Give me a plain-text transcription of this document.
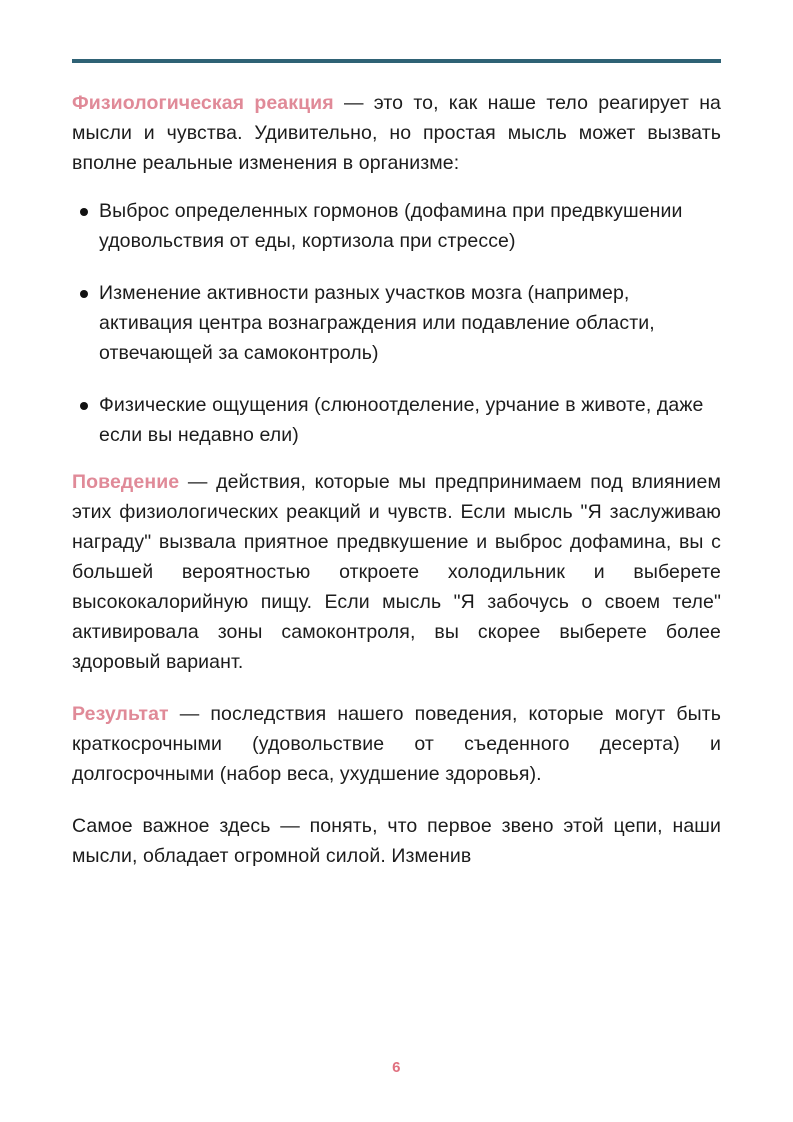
Физиологическая реакция — это то, как наше тело реагирует на мысли и чувства. Удивительно, но простая мысль может вызвать вполне реальные изменения в организме:

Выброс определенных гормонов (дофамина при предвкушении удовольствия от еды, кортизола при стрессе)
Изменение активности разных участков мозга (например, активация центра вознаграждения или подавление области, отвечающей за самоконтроль)
Физические ощущения (слюноотделение, урчание в животе, даже если вы недавно ели)

Поведение — действия, которые мы предпринимаем под влиянием этих физиологических реакций и чувств. Если мысль "Я заслуживаю награду" вызвала приятное предвкушение и выброс дофамина, вы с большей вероятностью откроете холодильник и выберете высококалорийную пищу. Если мысль "Я забочусь о своем теле" активировала зоны самоконтроля, вы скорее выберете более здоровый вариант.

Результат — последствия нашего поведения, которые могут быть краткосрочными (удовольствие от съеденного десерта) и долгосрочными (набор веса, ухудшение здоровья).

Самое важное здесь — понять, что первое звено этой цепи, наши мысли, обладает огромной силой. Изменив

6
